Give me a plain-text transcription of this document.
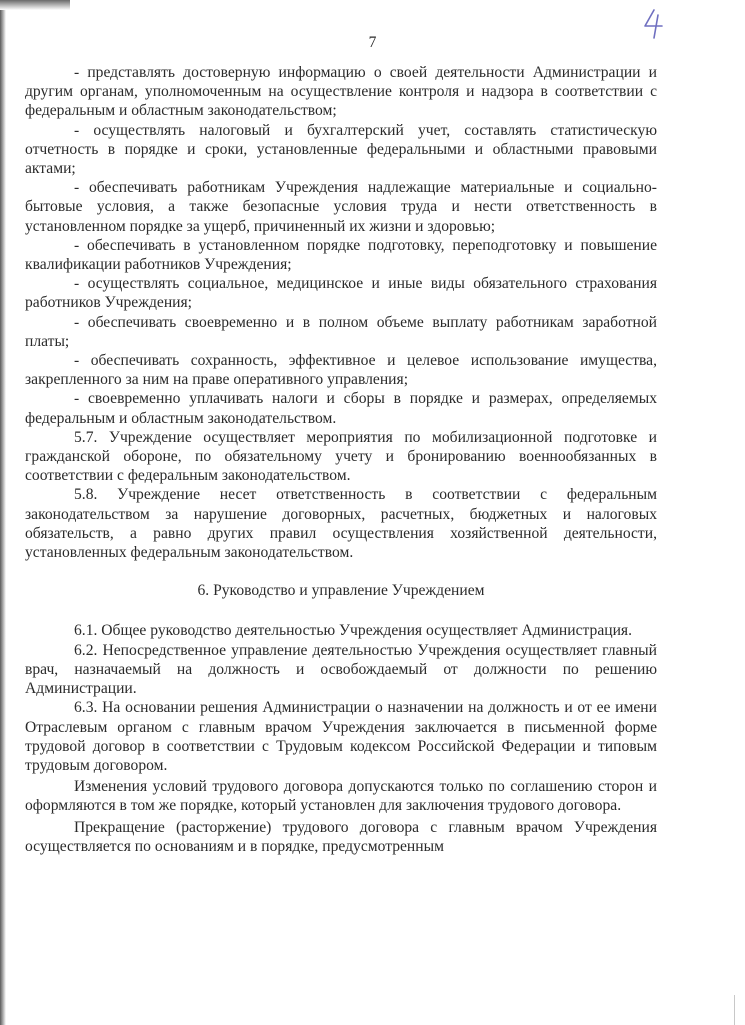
7

- представлять достоверную информацию о своей деятельности Администрации и другим органам, уполномоченным на осуществление контроля и надзора в соответствии с федеральным и областным законодательством;

- осуществлять налоговый и бухгалтерский учет, составлять статистическую отчетность в порядке и сроки, установленные федеральными и областными правовыми актами;

- обеспечивать работникам Учреждения надлежащие материальные и социально-бытовые условия, а также безопасные условия труда и нести ответственность в установленном порядке за ущерб, причиненный их жизни и здоровью;

- обеспечивать в установленном порядке подготовку, переподготовку и повышение квалификации работников Учреждения;

- осуществлять социальное, медицинское и иные виды обязательного страхования работников Учреждения;

- обеспечивать своевременно и в полном объеме выплату работникам заработной платы;

- обеспечивать сохранность, эффективное и целевое использование имущества, закрепленного за ним на праве оперативного управления;

- своевременно уплачивать налоги и сборы в порядке и размерах, определяемых федеральным и областным законодательством.

5.7. Учреждение осуществляет мероприятия по мобилизационной подготовке и гражданской обороне, по обязательному учету и бронированию военнообязанных в соответствии с федеральным законодательством.

5.8. Учреждение несет ответственность в соответствии с федеральным законодательством за нарушение договорных, расчетных, бюджетных и налоговых обязательств, а равно других правил осуществления хозяйственной деятельности, установленных федеральным законодательством.

6. Руководство и управление Учреждением

6.1. Общее руководство деятельностью Учреждения осуществляет Администрация.

6.2. Непосредственное управление деятельностью Учреждения осуществляет главный врач, назначаемый на должность и освобождаемый от должности по решению Администрации.

6.3. На основании решения Администрации о назначении на должность и от ее имени Отраслевым органом с главным врачом Учреждения заключается в письменной форме трудовой договор в соответствии с Трудовым кодексом Российской Федерации и типовым трудовым договором.

Изменения условий трудового договора допускаются только по соглашению сторон и оформляются в том же порядке, который установлен для заключения трудового договора.

Прекращение (расторжение) трудового договора с главным врачом Учреждения осуществляется по основаниям и в порядке, предусмотренным
